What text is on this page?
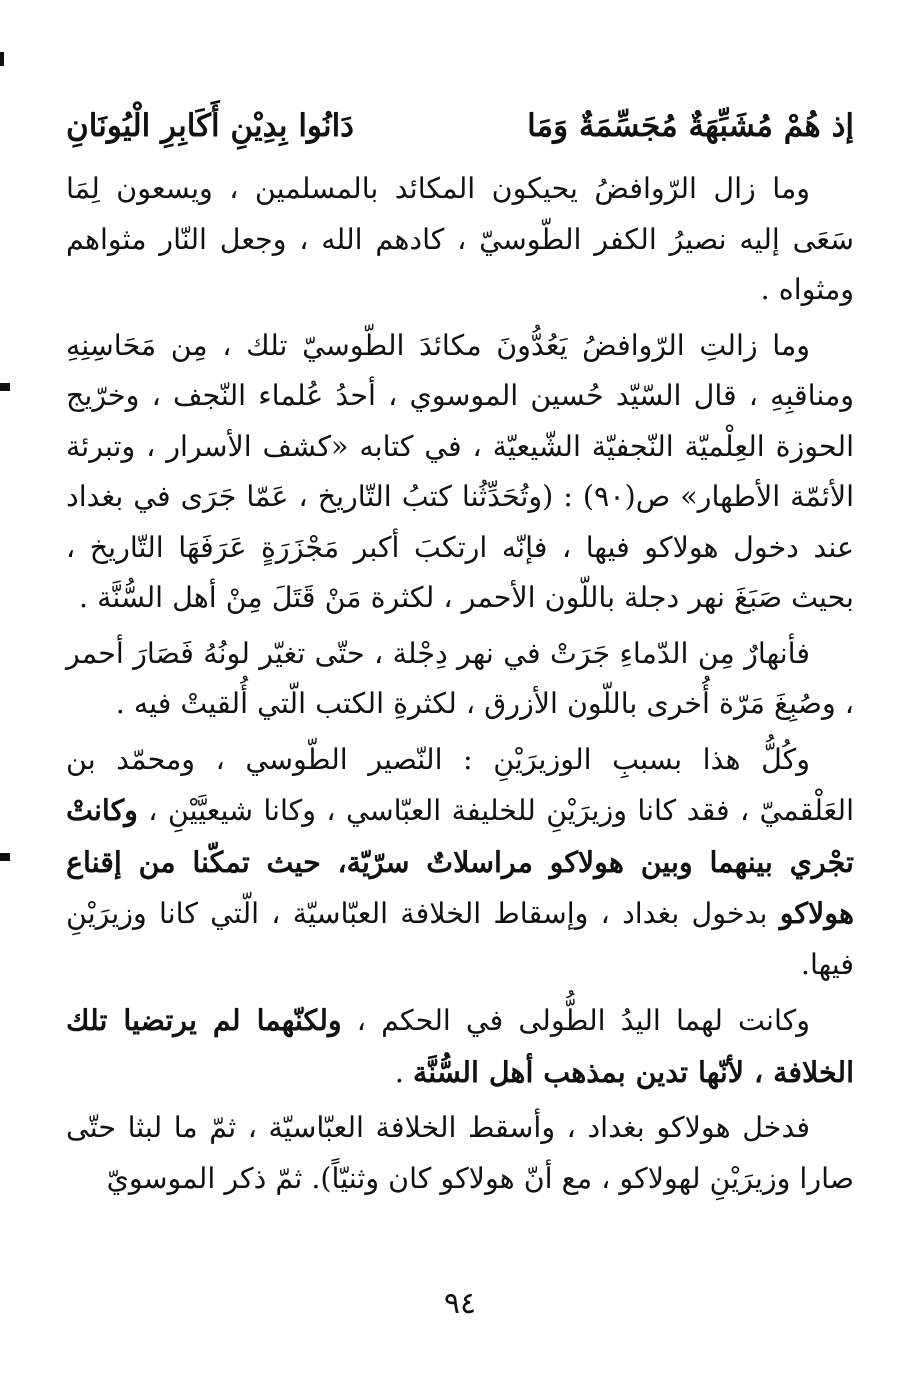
إذ هُمْ مُشَبِّهَةٌ مُجَسِّمَةٌ وَمَا
دَانُوا بِدِيْنِ أَكَابِرِ الْيُونَانِ

وما زال الرّوافضُ يحيكون المكائد بالمسلمين ، ويسعون لِمَا سَعَى إليه نصيرُ الكفر الطّوسيّ ، كادهم الله ، وجعل النّار مثواهم ومثواه .

وما زالتِ الرّوافضُ يَعُدُّونَ مكائدَ الطّوسيّ تلك ، مِن مَحَاسِنِهِ ومناقبِهِ ، قال السّيّد حُسين الموسوي ، أحدُ عُلماء النّجف ، وخرّيج الحوزة العِلْميّة النّجفيّة الشّيعيّة ، في كتابه «كشف الأسرار ، وتبرئة الأئمّة الأطهار» ص(٩٠) : (وتُحَدِّثُنا كتبُ التّاريخ ، عَمّا جَرَى في بغداد عند دخول هولاكو فيها ، فإنّه ارتكبَ أكبر مَجْزَرَةٍ عَرَفَهَا التّاريخ ، بحيث صَبَغَ نهر دجلة باللّون الأحمر ، لكثرة مَنْ قَتَلَ مِنْ أهل السُّنَّة .

فأنهارٌ مِن الدّماءِ جَرَتْ في نهر دِجْلة ، حتّى تغيّر لونُهُ فَصَارَ أحمر ، وصُبِغَ مَرّة أُخرى باللّون الأزرق ، لكثرةِ الكتب الّتي أُلقيتْ فيه .

وكُلُّ هذا بسببِ الوزيرَيْنِ : النّصير الطّوسي ، ومحمّد بن العَلْقميّ ، فقد كانا وزيرَيْنِ للخليفة العبّاسي ، وكانا شيعيَّيْنِ ، وكانتْ تجْري بينهما وبين هولاكو مراسلاتٌ سرّيّة، حيث تمكّنا من إقناع هولاكو بدخول بغداد ، وإسقاط الخلافة العبّاسيّة ، الّتي كانا وزيرَيْنِ فيها.

وكانت لهما اليدُ الطُّولى في الحكم ، ولكنّهما لم يرتضيا تلك الخلافة ، لأنّها تدين بمذهب أهل السُّنَّة .

فدخل هولاكو بغداد ، وأسقط الخلافة العبّاسيّة ، ثمّ ما لبثا حتّى صارا وزيرَيْنِ لهولاكو ، مع أنّ هولاكو كان وثنيّاً). ثمّ ذكر الموسويّ

٩٤
